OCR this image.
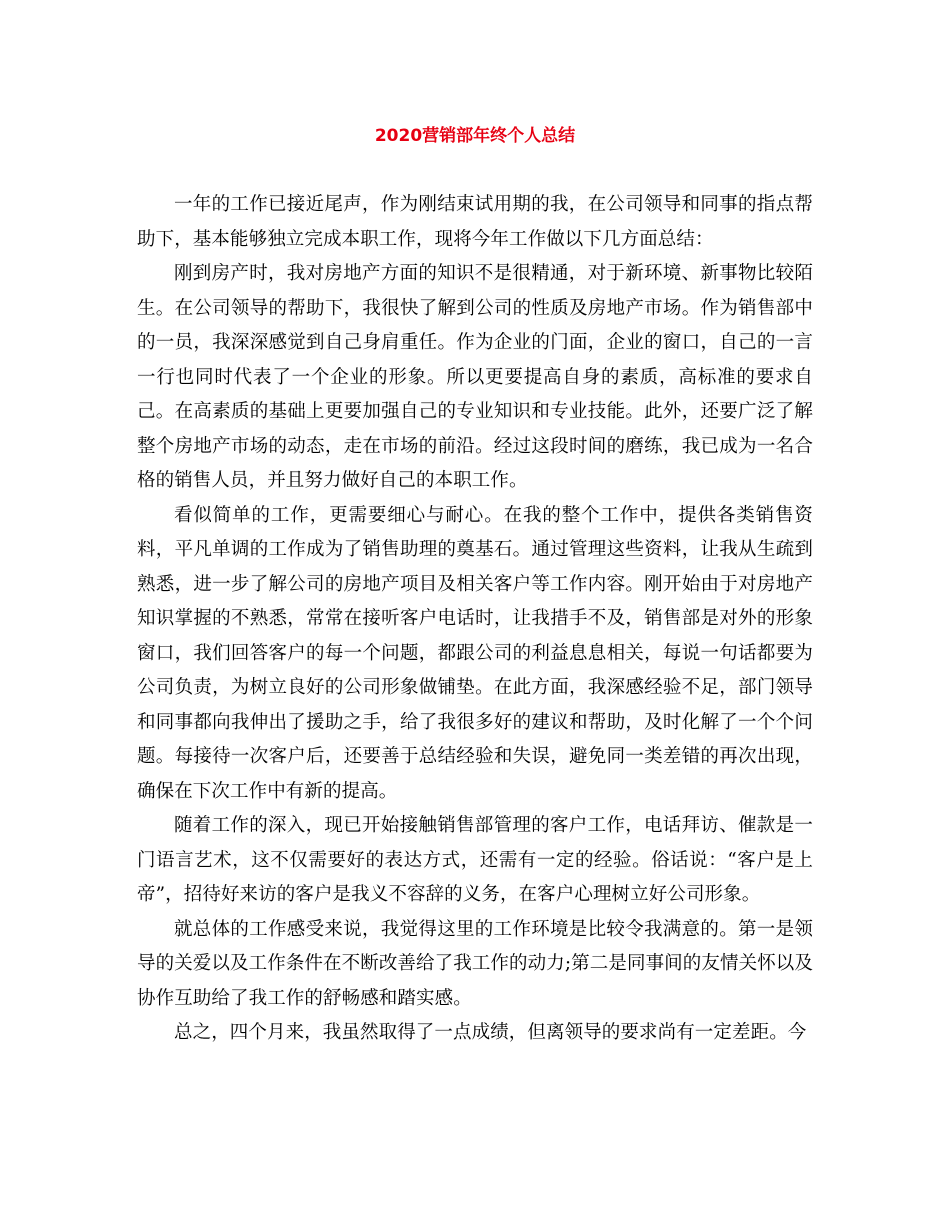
2020营销部年终个人总结

一年的工作已接近尾声，作为刚结束试用期的我，在公司领导和同事的指点帮助下，基本能够独立完成本职工作，现将今年工作做以下几方面总结：

刚到房产时，我对房地产方面的知识不是很精通，对于新环境、新事物比较陌生。在公司领导的帮助下，我很快了解到公司的性质及房地产市场。作为销售部中的一员，我深深感觉到自己身肩重任。作为企业的门面，企业的窗口，自己的一言一行也同时代表了一个企业的形象。所以更要提高自身的素质，高标准的要求自己。在高素质的基础上更要加强自己的专业知识和专业技能。此外，还要广泛了解整个房地产市场的动态，走在市场的前沿。经过这段时间的磨练，我已成为一名合格的销售人员，并且努力做好自己的本职工作。

看似简单的工作，更需要细心与耐心。在我的整个工作中，提供各类销售资料，平凡单调的工作成为了销售助理的奠基石。通过管理这些资料，让我从生疏到熟悉，进一步了解公司的房地产项目及相关客户等工作内容。刚开始由于对房地产知识掌握的不熟悉，常常在接听客户电话时，让我措手不及，销售部是对外的形象窗口，我们回答客户的每一个问题，都跟公司的利益息息相关，每说一句话都要为公司负责，为树立良好的公司形象做铺垫。在此方面，我深感经验不足，部门领导和同事都向我伸出了援助之手，给了我很多好的建议和帮助，及时化解了一个个问题。每接待一次客户后，还要善于总结经验和失误，避免同一类差错的再次出现，确保在下次工作中有新的提高。

随着工作的深入，现已开始接触销售部管理的客户工作，电话拜访、催款是一门语言艺术，这不仅需要好的表达方式，还需有一定的经验。俗话说：“客户是上帝”，招待好来访的客户是我义不容辞的义务，在客户心理树立好公司形象。

就总体的工作感受来说，我觉得这里的工作环境是比较令我满意的。第一是领导的关爱以及工作条件在不断改善给了我工作的动力;第二是同事间的友情关怀以及协作互助给了我工作的舒畅感和踏实感。

总之，四个月来，我虽然取得了一点成绩，但离领导的要求尚有一定差距。今
